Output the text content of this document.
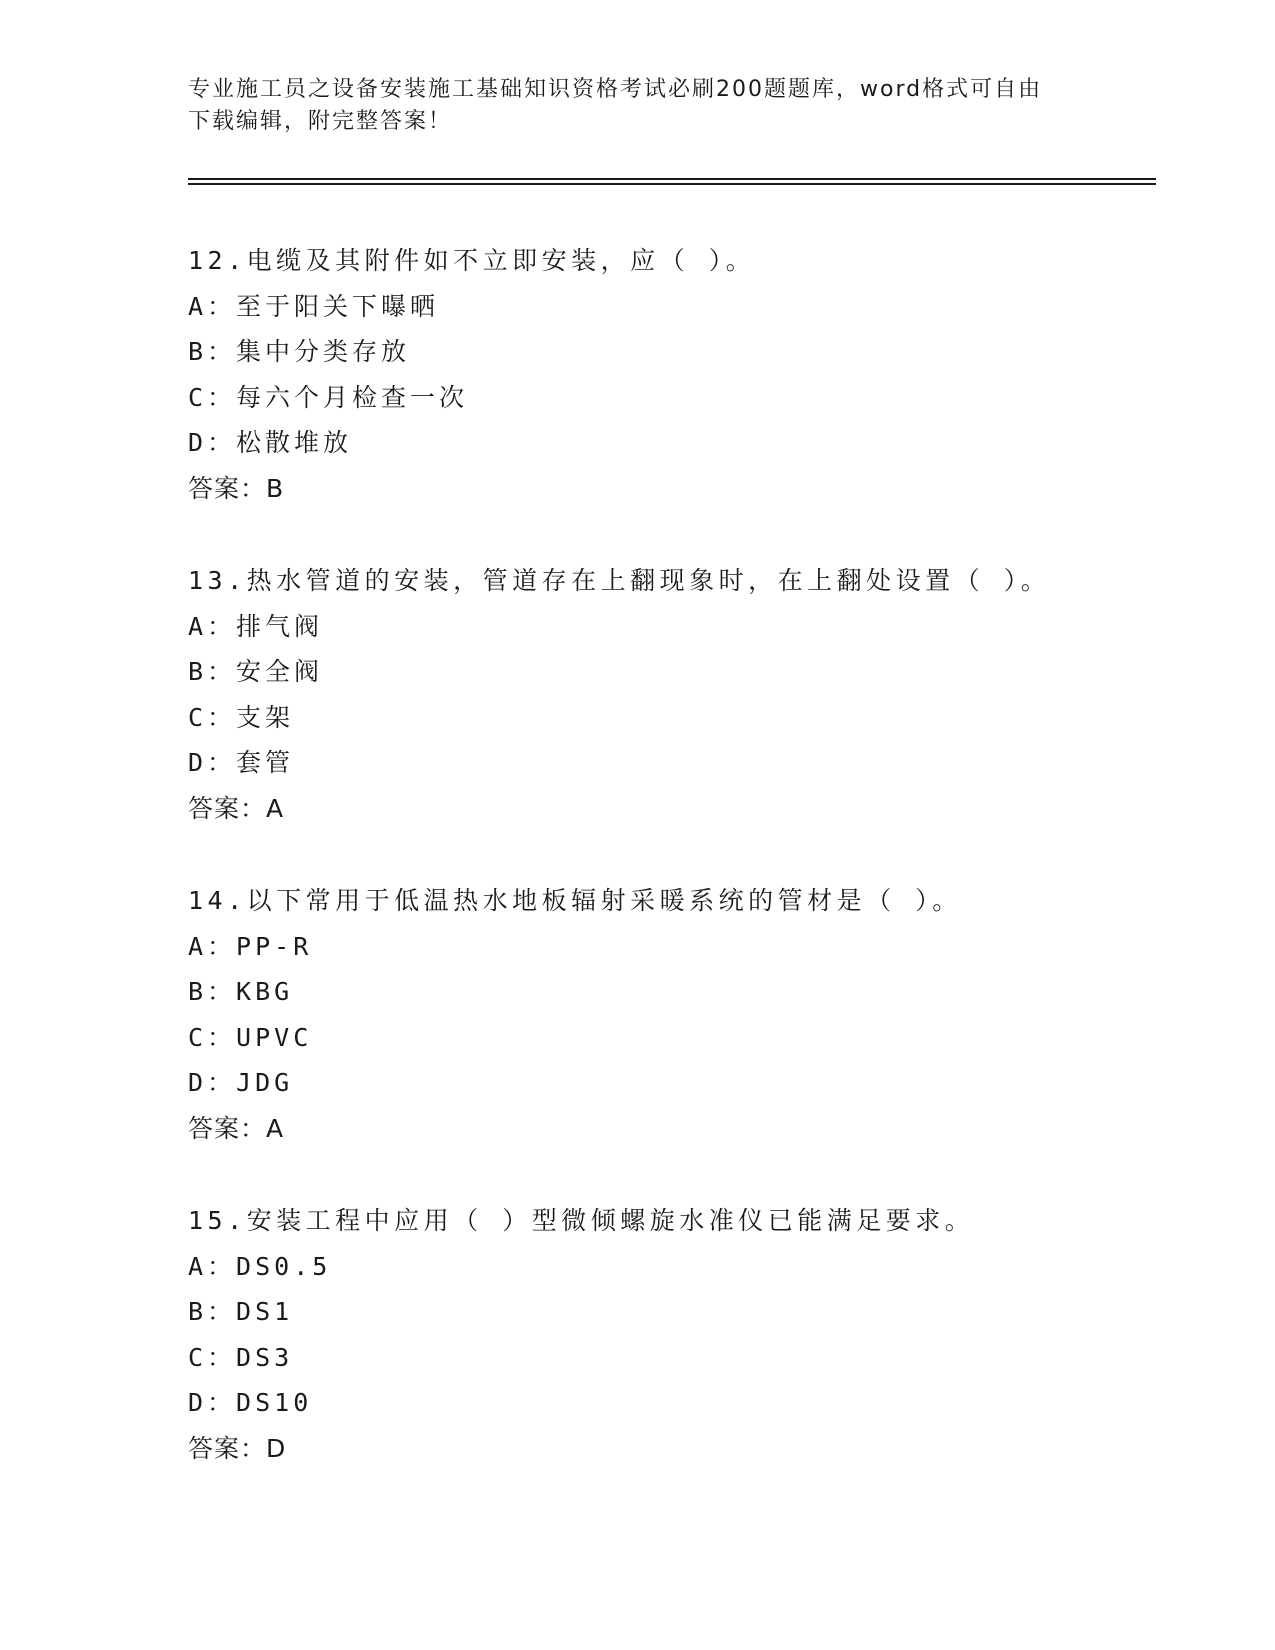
专业施工员之设备安装施工基础知识资格考试必刷200题题库，word格式可自由
下载编辑，附完整答案！
12.电缆及其附件如不立即安装，应（ ）。
A：至于阳关下曝晒
B：集中分类存放
C：每六个月检查一次
D：松散堆放
答案：B
13.热水管道的安装，管道存在上翻现象时，在上翻处设置（ ）。
A：排气阀
B：安全阀
C：支架
D：套管
答案：A
14.以下常用于低温热水地板辐射采暖系统的管材是（ ）。
A：PP-R
B：KBG
C：UPVC
D：JDG
答案：A
15.安装工程中应用（ ）型微倾螺旋水准仪已能满足要求。
A：DS0.5
B：DS1
C：DS3
D：DS10
答案：D
